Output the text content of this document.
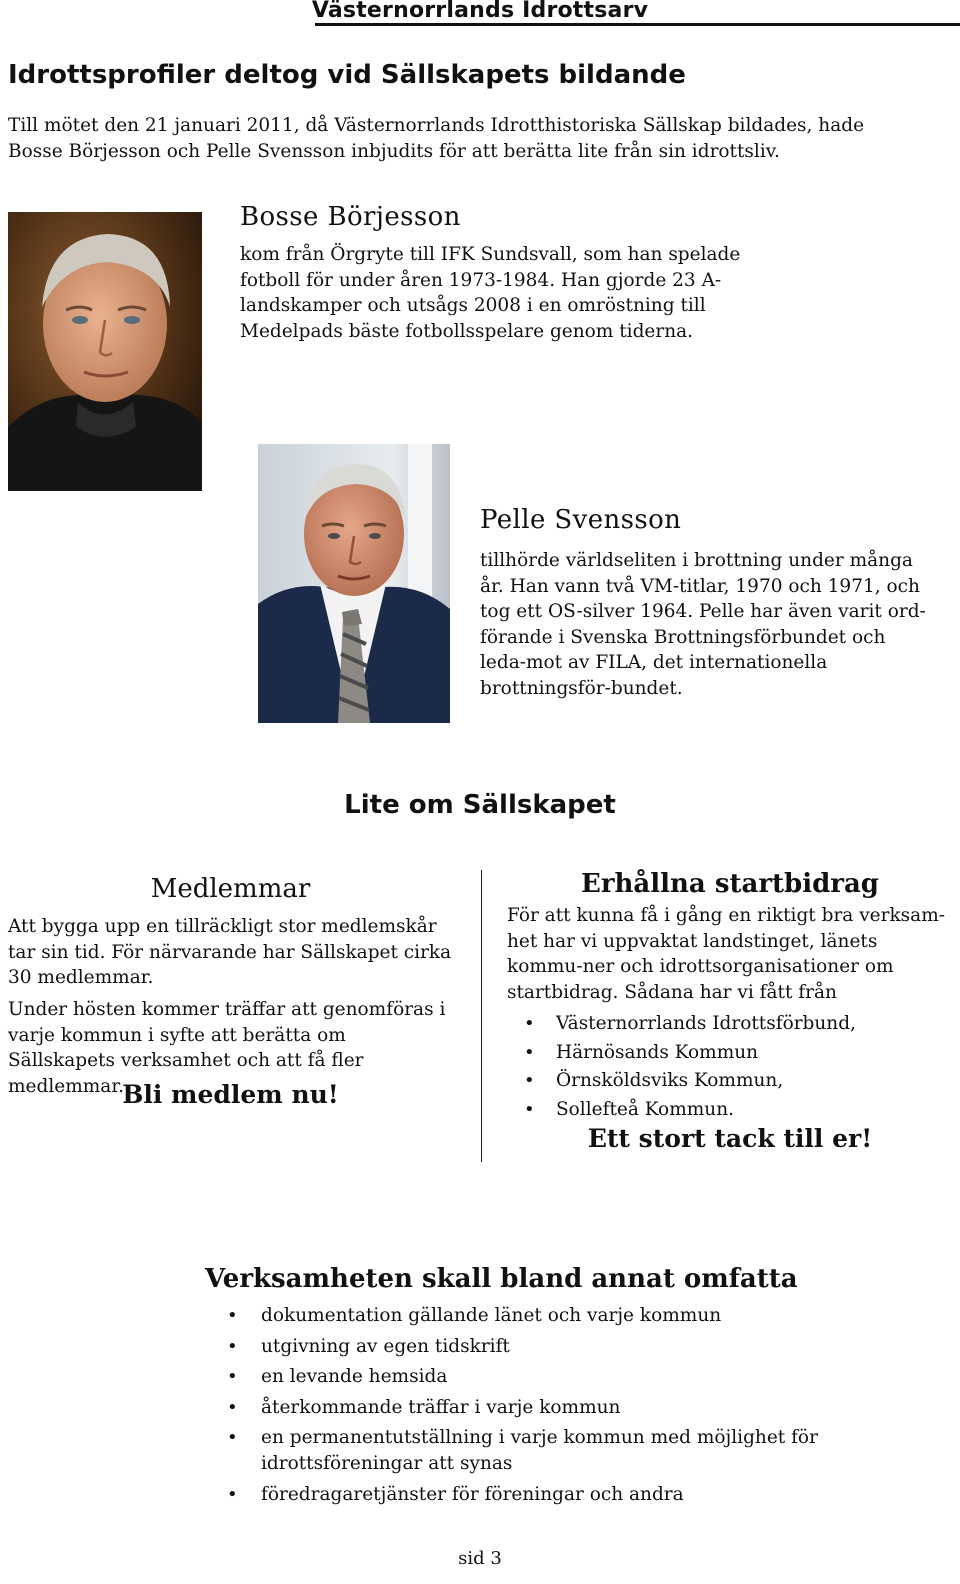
Västernorrlands Idrottsarv
Idrottsprofiler deltog vid Sällskapets bildande
Till mötet den 21 januari 2011, då Västernorrlands Idrotthistoriska Sällskap bildades, hade Bosse Börjesson och Pelle Svensson inbjudits för att berätta lite från sin idrottsliv.
Bosse Börjesson
kom från Örgryte till IFK Sundsvall, som han spelade fotboll för under åren 1973-1984. Han gjorde 23 A-landskamper och utsågs 2008 i en omröstning till Medelpads bäste fotbollsspelare genom tiderna.
Pelle Svensson
tillhörde världseliten i brottning under många år. Han vann två VM-titlar, 1970 och 1971, och tog ett OS-silver 1964. Pelle har även varit ord-förande i Svenska Brottningsförbundet och leda-mot av FILA, det internationella brottningsför-bundet.
Lite om Sällskapet
Medlemmar
Att bygga upp en tillräckligt stor medlemskår tar sin tid. För närvarande har Sällskapet cirka 30 medlemmar.
Under hösten kommer träffar att genomföras i varje kommun i syfte att berätta om Sällskapets verksamhet och att få fler medlemmar.
Bli medlem nu!
Erhållna startbidrag
För att kunna få i gång en riktigt bra verksam-het har vi uppvaktat landstinget, länets kommu-ner och idrottsorganisationer om startbidrag. Sådana har vi fått från
• Västernorrlands Idrottsförbund,
• Härnösands Kommun
• Örnsköldsviks Kommun,
• Sollefteå Kommun.
Ett stort tack till er!
Verksamheten skall bland annat omfatta
• dokumentation gällande länet och varje kommun
• utgivning av egen tidskrift
• en levande hemsida
• återkommande träffar i varje kommun
• en permanentutställning i varje kommun med möjlighet för idrottsföreningar att synas
• föredragaretjänster för föreningar och andra
sid 3
